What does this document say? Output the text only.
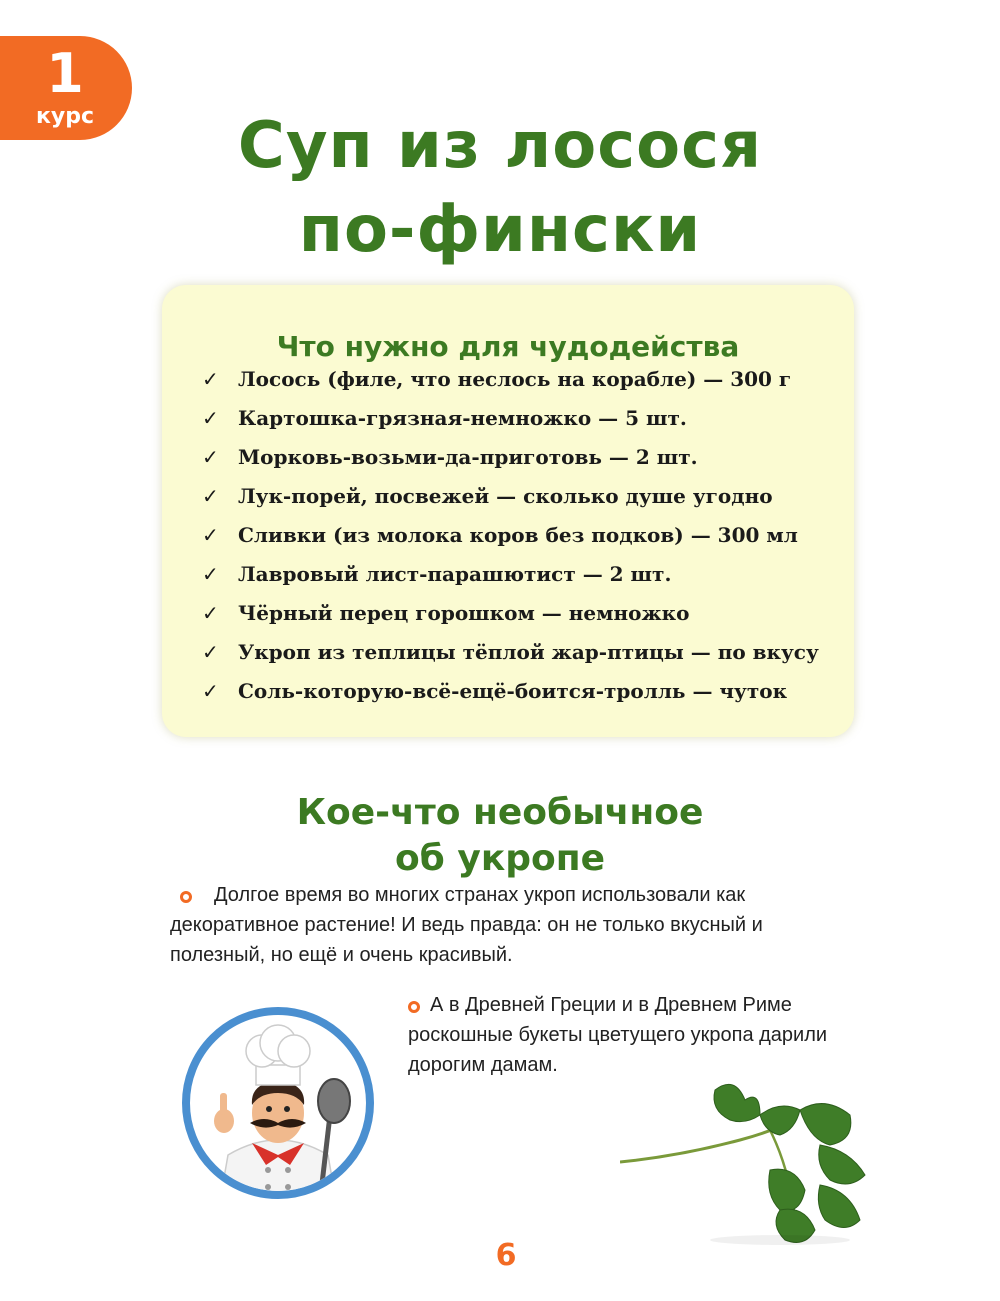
1
курс	Суп из лосося
по-фински
Что нужно для чудодейства
✓ Лосось (филе, что неслось на корабле) — 300 г
✓ Картошка-грязная-немножко — 5 шт.
✓ Морковь-возьми-да-приготовь — 2 шт.
✓ Лук-порей, посвежей — сколько душе угодно
✓ Сливки (из молока коров без подков) — 300 мл
✓ Лавровый лист-парашютист — 2 шт.
✓ Чёрный перец горошком — немножко
✓ Укроп из теплицы тёплой жар-птицы — по вкусу
✓ Соль-которую-всё-ещё-боится-тролль — чуток
Кое-что необычное
об укропе
Долгое время во многих странах укроп использовали как декоративное растение! И ведь правда: он не только вкусный и полезный, но ещё и очень красивый.
А в Древней Греции и в Древнем Риме роскошные букеты цветущего укропа дарили дорогим дамам.
6
